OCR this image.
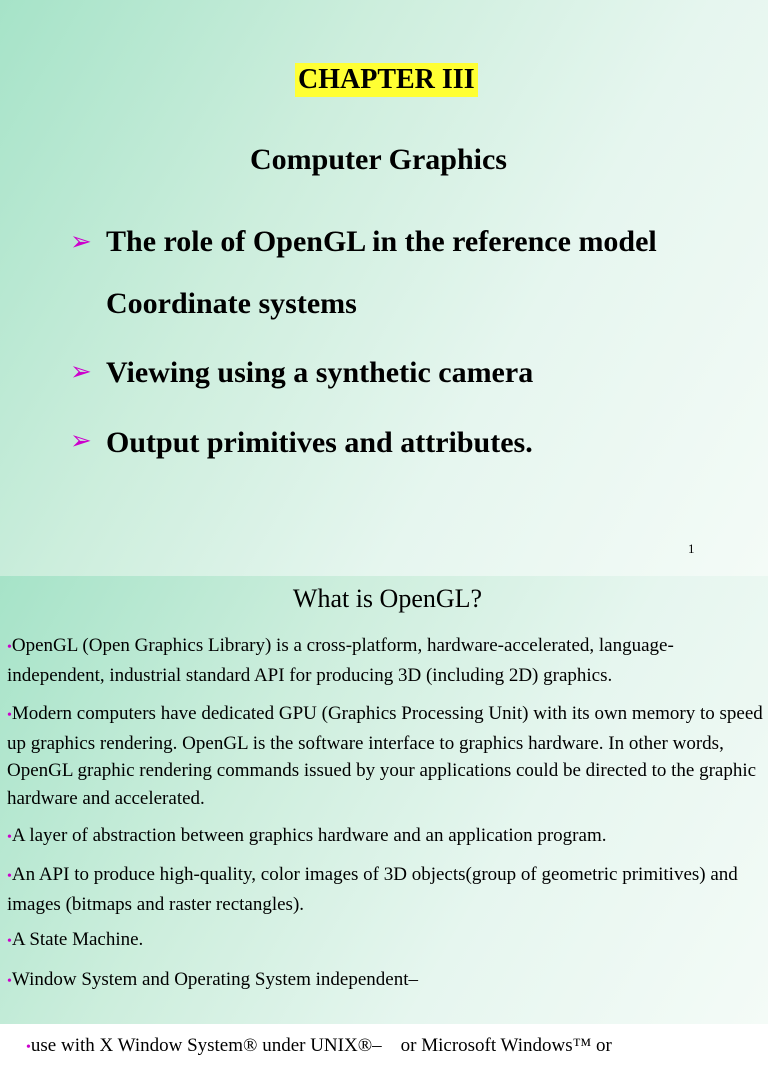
CHAPTER III
Computer Graphics
➢ The role of OpenGL in the reference model
Coordinate systems
➢ Viewing using a synthetic camera
➢ Output primitives and attributes.
1
What is OpenGL?
•OpenGL (Open Graphics Library) is a cross-platform, hardware-accelerated, language-independent, industrial standard API for producing 3D (including 2D) graphics.
•Modern computers have dedicated GPU (Graphics Processing Unit) with its own memory to speed up graphics rendering. OpenGL is the software interface to graphics hardware. In other words, OpenGL graphic rendering commands issued by your applications could be directed to the graphic hardware and accelerated.
•A layer of abstraction between graphics hardware and an application program.
•An API to produce high-quality, color images of 3D objects(group of geometric primitives) and images (bitmaps and raster rectangles).
•A State Machine.
•Window System and Operating System independent–

•use with X Window System® under UNIX®–    or Microsoft Windows™ or
